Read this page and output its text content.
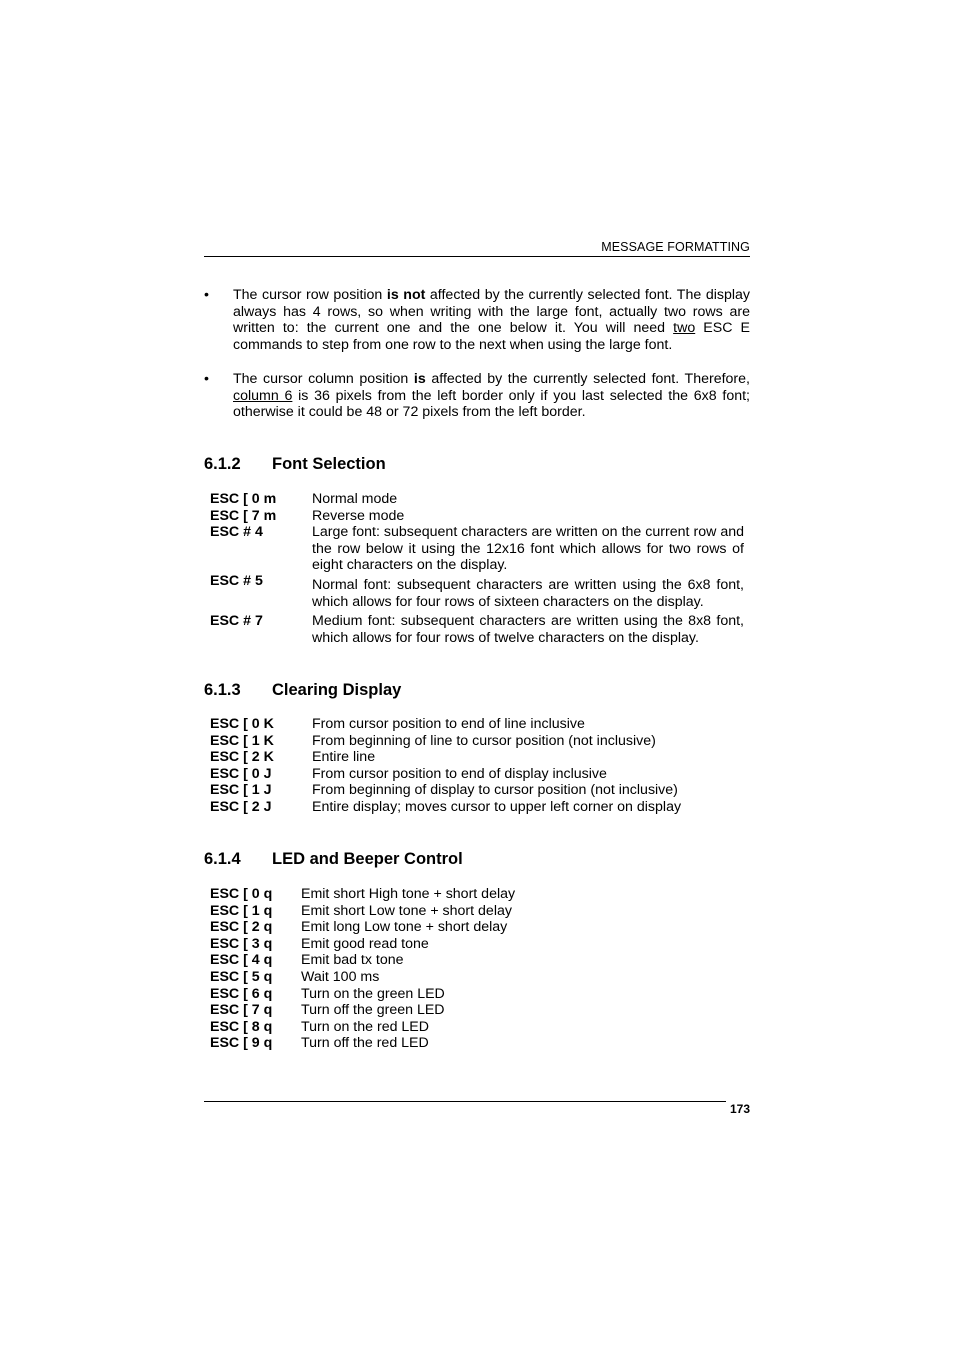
MESSAGE FORMATTING
•	The cursor row position is not affected by the currently selected font. The display always has 4 rows, so when writing with the large font, actually two rows are written to: the current one and the one below it. You will need two ESC E commands to step from one row to the next when using the large font.
•	The cursor column position is affected by the currently selected font. Therefore, column 6 is 36 pixels from the left border only if you last selected the 6x8 font; otherwise it could be 48 or 72 pixels from the left border.
6.1.2 Font Selection
ESC [ 0 m	Normal mode
ESC [ 7 m	Reverse mode
ESC # 4	Large font: subsequent characters are written on the current row and the row below it using the 12x16 font which allows for two rows of eight characters on the display.
ESC # 5	Normal font: subsequent characters are written using the 6x8 font, which allows for four rows of sixteen characters on the display.
ESC # 7	Medium font: subsequent characters are written using the 8x8 font, which allows for four rows of twelve characters on the display.
6.1.3 Clearing Display
ESC [ 0 K	From cursor position to end of line inclusive
ESC [ 1 K	From beginning of line to cursor position (not inclusive)
ESC [ 2 K	Entire line
ESC [ 0 J	From cursor position to end of display inclusive
ESC [ 1 J	From beginning of display to cursor position (not inclusive)
ESC [ 2 J	Entire display; moves cursor to upper left corner on display
6.1.4 LED and Beeper Control
ESC [ 0 q Emit short High tone + short delay
ESC [ 1 q Emit short Low tone + short delay
ESC [ 2 q Emit long Low tone + short delay
ESC [ 3 q Emit good read tone
ESC [ 4 q Emit bad tx tone
ESC [ 5 q Wait 100 ms
ESC [ 6 q Turn on the green LED
ESC [ 7 q Turn off the green LED
ESC [ 8 q Turn on the red LED
ESC [ 9 q Turn off the red LED
173
